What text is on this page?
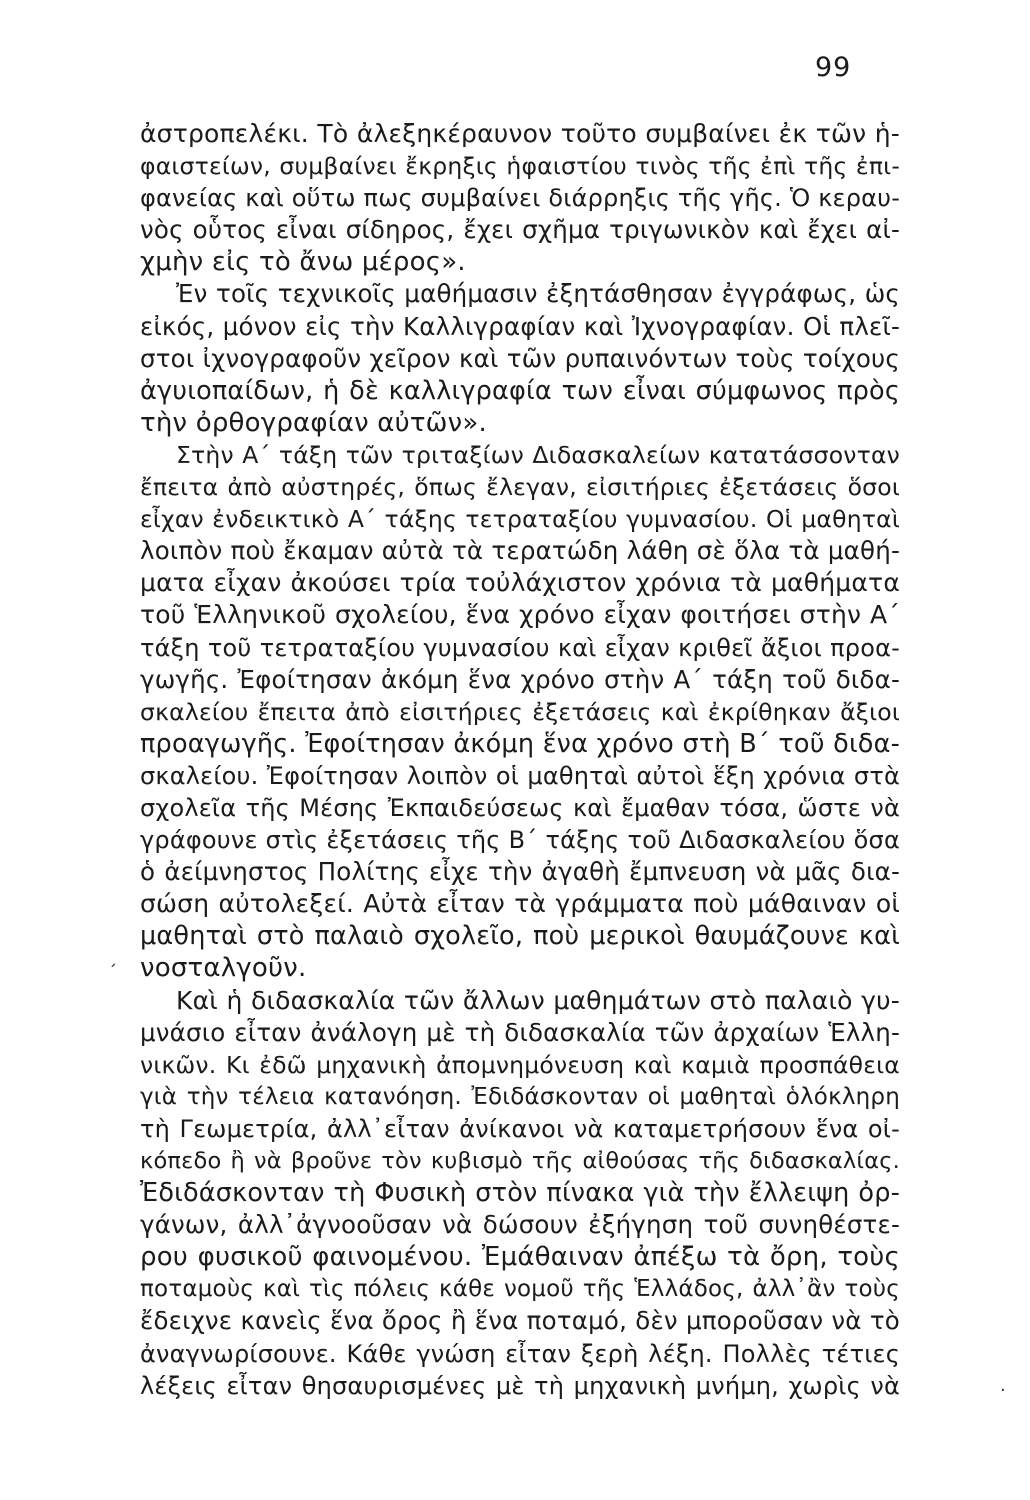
99
ἀστροπελέκι. Τὸ ἀλεξηκέραυνον τοῦτο συμβαίνει ἐκ τῶν ἡ-
φαιστείων, συμβαίνει ἔκρηξις ἡφαιστίου τινὸς τῆς ἐπὶ τῆς ἐπι-
φανείας καὶ οὕτω πως συμβαίνει διάρρηξις τῆς γῆς. Ὁ κεραυ-
νὸς οὗτος εἶναι σίδηρος, ἔχει σχῆμα τριγωνικὸν καὶ ἔχει αἰ-
χμὴν εἰς τὸ ἄνω μέρος».
Ἐν τοῖς τεχνικοῖς μαθήμασιν ἐξητάσθησαν ἐγγράφως, ὡς
εἰκός, μόνον εἰς τὴν Καλλιγραφίαν καὶ Ἰχνογραφίαν. Οἱ πλεῖ-
στοι ἰχνογραφοῦν χεῖρον καὶ τῶν ρυπαινόντων τοὺς τοίχους
ἀγυιοπαίδων, ἡ δὲ καλλιγραφία των εἶναι σύμφωνος πρὸς
τὴν ὀρθογραφίαν αὐτῶν».
Στὴν Α΄ τάξη τῶν τριταξίων Διδασκαλείων κατατάσσονταν
ἔπειτα ἀπὸ αὐστηρές, ὅπως ἔλεγαν, εἰσιτήριες ἐξετάσεις ὅσοι
εἶχαν ἐνδεικτικὸ Α΄ τάξης τετραταξίου γυμνασίου. Οἱ μαθηταὶ
λοιπὸν ποὺ ἔκαμαν αὐτὰ τὰ τερατώδη λάθη σὲ ὅλα τὰ μαθή-
ματα εἶχαν ἀκούσει τρία τοὐλάχιστον χρόνια τὰ μαθήματα
τοῦ Ἑλληνικοῦ σχολείου, ἕνα χρόνο εἶχαν φοιτήσει στὴν Α΄
τάξη τοῦ τετραταξίου γυμνασίου καὶ εἶχαν κριθεῖ ἄξιοι προα-
γωγῆς. Ἐφοίτησαν ἀκόμη ἕνα χρόνο στὴν Α΄ τάξη τοῦ διδα-
σκαλείου ἔπειτα ἀπὸ εἰσιτήριες ἐξετάσεις καὶ ἐκρίθηκαν ἄξιοι
προαγωγῆς. Ἐφοίτησαν ἀκόμη ἕνα χρόνο στὴ Β΄ τοῦ διδα-
σκαλείου. Ἐφοίτησαν λοιπὸν οἱ μαθηταὶ αὐτοὶ ἕξη χρόνια στὰ
σχολεῖα τῆς Μέσης Ἐκπαιδεύσεως καὶ ἔμαθαν τόσα, ὥστε νὰ
γράφουνε στὶς ἐξετάσεις τῆς Β΄ τάξης τοῦ Διδασκαλείου ὅσα
ὁ ἀείμνηστος Πολίτης εἶχε τὴν ἀγαθὴ ἔμπνευση νὰ μᾶς δια-
σώση αὐτολεξεί. Αὐτὰ εἶταν τὰ γράμματα ποὺ μάθαιναν οἱ
μαθηταὶ στὸ παλαιὸ σχολεῖο, ποὺ μερικοὶ θαυμάζουνε καὶ
νοσταλγοῦν.
Καὶ ἡ διδασκαλία τῶν ἄλλων μαθημάτων στὸ παλαιὸ γυ-
μνάσιο εἶταν ἀνάλογη μὲ τὴ διδασκαλία τῶν ἀρχαίων Ἑλλη-
νικῶν. Κι ἐδῶ μηχανικὴ ἀπομνημόνευση καὶ καμιὰ προσπάθεια
γιὰ τὴν τέλεια κατανόηση. Ἐδιδάσκονταν οἱ μαθηταὶ ὁλόκληρη
τὴ Γεωμετρία, ἀλλ᾽εἶταν ἀνίκανοι νὰ καταμετρήσουν ἕνα οἰ-
κόπεδο ἢ νὰ βροῦνε τὸν κυβισμὸ τῆς αἰθούσας τῆς διδασκαλίας.
Ἐδιδάσκονταν τὴ Φυσικὴ στὸν πίνακα γιὰ τὴν ἔλλειψη ὀρ-
γάνων, ἀλλ᾽ἀγνοοῦσαν νὰ δώσουν ἐξήγηση τοῦ συνηθέστε-
ρου φυσικοῦ φαινομένου. Ἐμάθαιναν ἀπέξω τὰ ὄρη, τοὺς
ποταμοὺς καὶ τὶς πόλεις κάθε νομοῦ τῆς Ἑλλάδος, ἀλλ᾽ἂν τοὺς
ἔδειχνε κανεὶς ἕνα ὄρος ἢ ἕνα ποταμό, δὲν μποροῦσαν νὰ τὸ
ἀναγνωρίσουνε. Κάθε γνώση εἶταν ξερὴ λέξη. Πολλὲς τέτιες
λέξεις εἶταν θησαυρισμένες μὲ τὴ μηχανικὴ μνήμη, χωρὶς νὰ
ˊ
·
